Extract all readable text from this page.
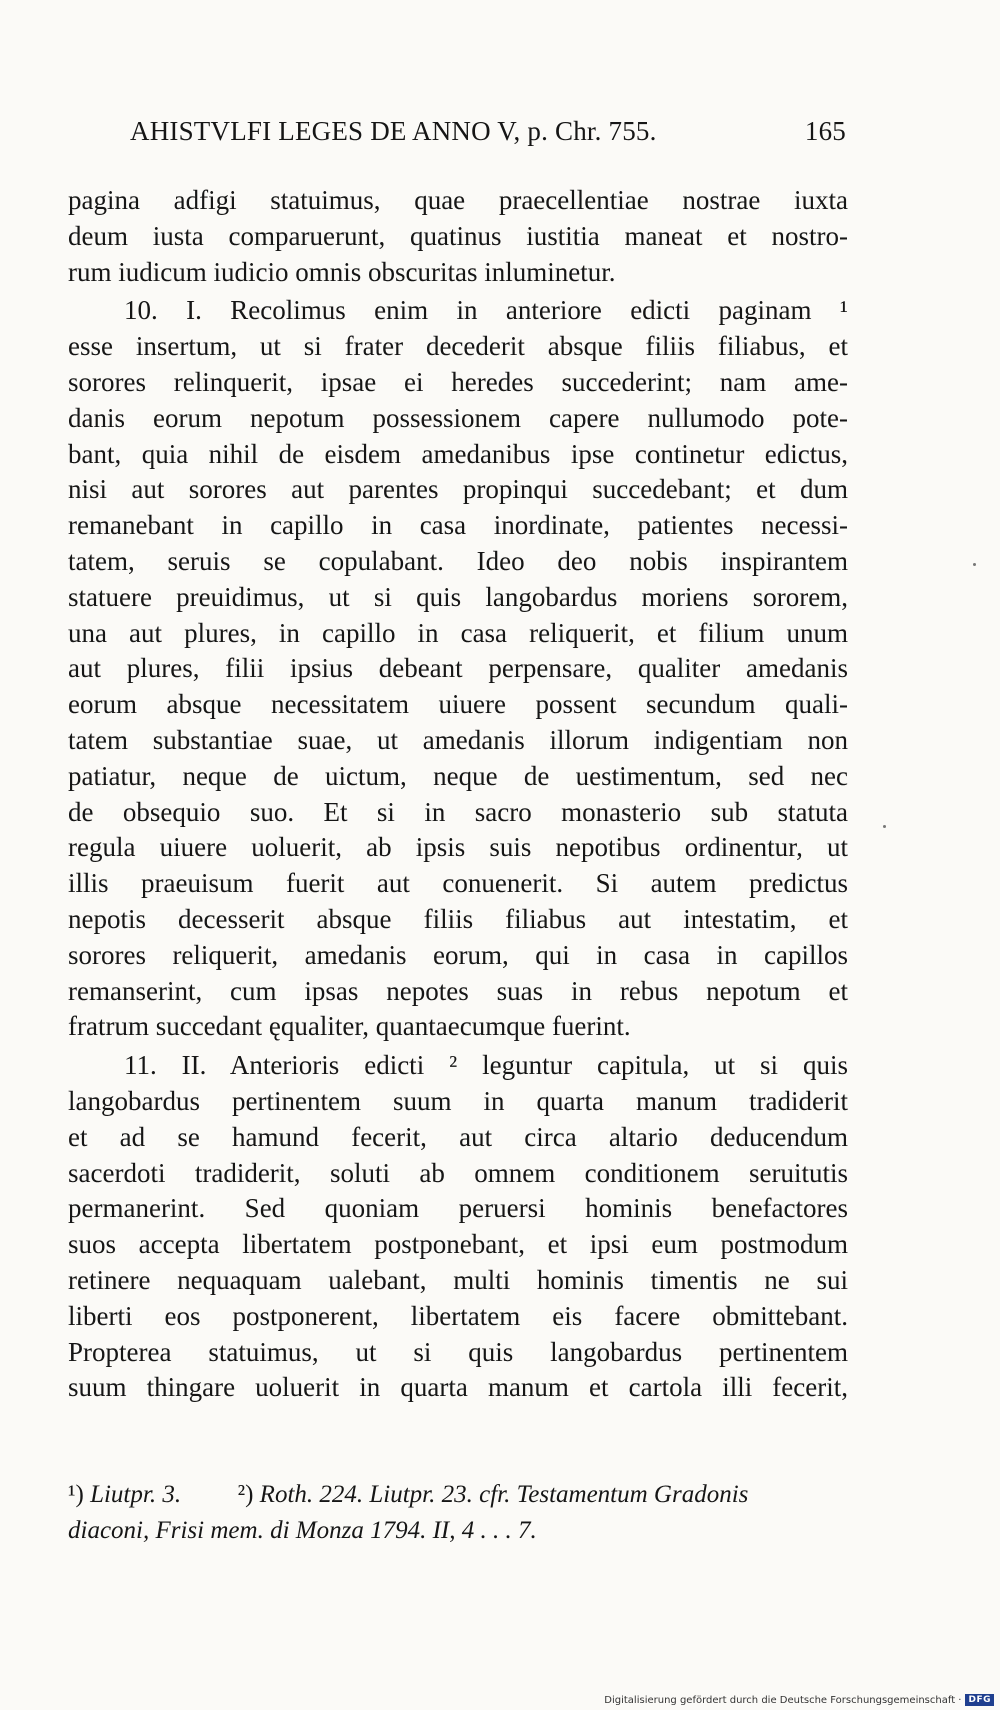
AHISTVLFI LEGES DE ANNO V, p. Chr. 755.	165
pagina adfigi statuimus, quae praecellentiae nostrae iuxta
deum iusta comparuerunt, quatinus iustitia maneat et nostro-
rum iudicum iudicio omnis obscuritas inluminetur.
10. I. Recolimus enim in anteriore edicti paginam ¹
esse insertum, ut si frater decederit absque filiis filiabus, et
sorores relinquerit, ipsae ei heredes succederint; nam ame-
danis eorum nepotum possessionem capere nullumodo pote-
bant, quia nihil de eisdem amedanibus ipse continetur edictus,
nisi aut sorores aut parentes propinqui succedebant; et dum
remanebant in capillo in casa inordinate, patientes necessi-
tatem, seruis se copulabant. Ideo deo nobis inspirantem
statuere preuidimus, ut si quis langobardus moriens sororem,
una aut plures, in capillo in casa reliquerit, et filium unum
aut plures, filii ipsius debeant perpensare, qualiter amedanis
eorum absque necessitatem uiuere possent secundum quali-
tatem substantiae suae, ut amedanis illorum indigentiam non
patiatur, neque de uictum, neque de uestimentum, sed nec
de obsequio suo. Et si in sacro monasterio sub statuta
regula uiuere uoluerit, ab ipsis suis nepotibus ordinentur, ut
illis praeuisum fuerit aut conuenerit. Si autem predictus
nepotis decesserit absque filiis filiabus aut intestatim, et
sorores reliquerit, amedanis eorum, qui in casa in capillos
remanserint, cum ipsas nepotes suas in rebus nepotum et
fratrum succedant ęqualiter, quantaecumque fuerint.
11. II. Anterioris edicti ² leguntur capitula, ut si quis
langobardus pertinentem suum in quarta manum tradiderit
et ad se hamund fecerit, aut circa altario deducendum
sacerdoti tradiderit, soluti ab omnem conditionem seruitutis
permanerint. Sed quoniam peruersi hominis benefactores
suos accepta libertatem postponebant, et ipsi eum postmodum
retinere nequaquam ualebant, multi hominis timentis ne sui
liberti eos postponerent, libertatem eis facere obmittebant.
Propterea statuimus, ut si quis langobardus pertinentem
suum thingare uoluerit in quarta manum et cartola illi fecerit,
¹) Liutpr. 3. ²) Roth. 224. Liutpr. 23. cfr. Testamentum Gradonis
diaconi, Frisi mem. di Monza 1794. II, 4 . . . 7.
Digitalisierung gefördert durch die Deutsche Forschungsgemeinschaft · DFG
